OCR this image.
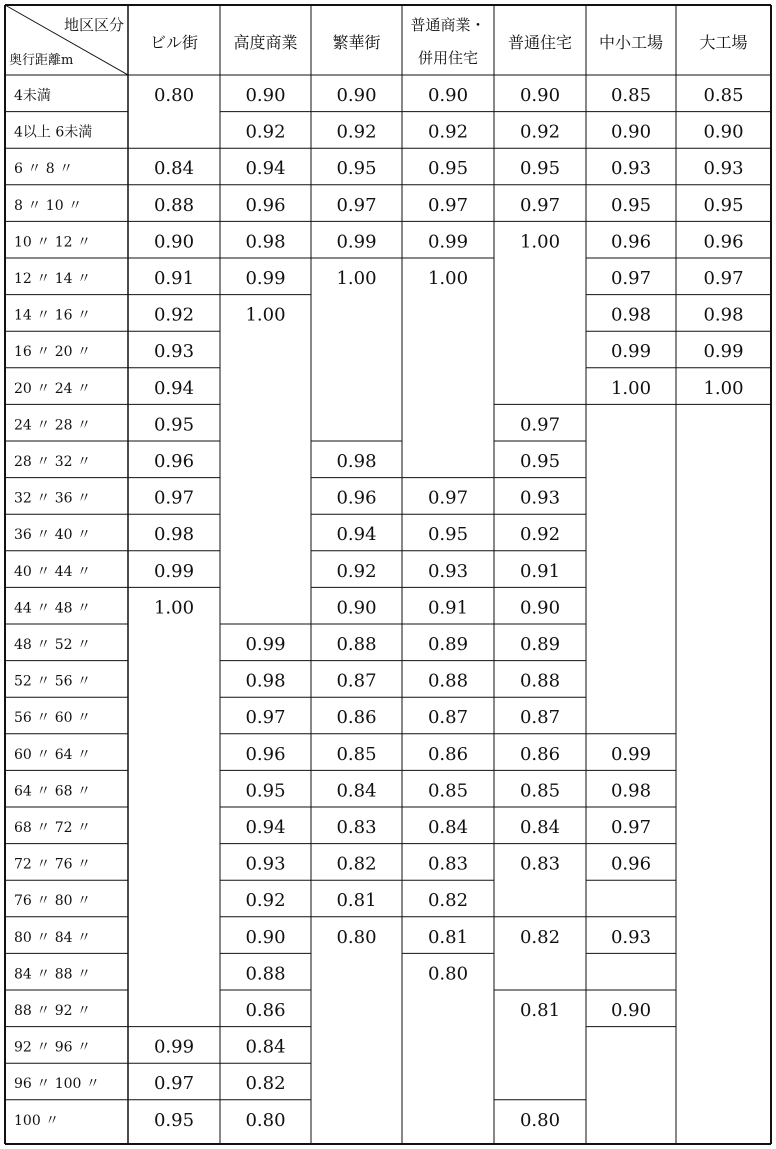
地区区分
奥行距離m
ビル街 高度商業 繁華街
普通商業・
併用住宅
普通住宅 中小工場 大工場
4未満
4以上 6未満
6 〃 8 〃
8 〃 10 〃
10 〃 12 〃
12 〃 14 〃
14 〃 16 〃
16 〃 20 〃
20 〃 24 〃
24 〃 28 〃
28 〃 32 〃
32 〃 36 〃
36 〃 40 〃
40 〃 44 〃
44 〃 48 〃
48 〃 52 〃
52 〃 56 〃
56 〃 60 〃
60 〃 64 〃
64 〃 68 〃
68 〃 72 〃
72 〃 76 〃
76 〃 80 〃
80 〃 84 〃
84 〃 88 〃
88 〃 92 〃
92 〃 96 〃
96 〃 100 〃
100 〃
0.80
0.84
0.88
0.90
0.91
0.92
0.93
0.94
0.95
0.96
0.97
0.98
0.99
1.00
0.99
0.97
0.95
0.90
0.92
0.94
0.96
0.98
0.99
1.00
0.99
0.98
0.97
0.96
0.95
0.94
0.93
0.92
0.90
0.88
0.86
0.84
0.82
0.80
0.90
0.92
0.95
0.97
0.99
1.00
0.98
0.96
0.94
0.92
0.90
0.88
0.87
0.86
0.85
0.84
0.83
0.82
0.81
0.80
0.90
0.92
0.95
0.97
0.99
1.00
0.97
0.95
0.93
0.91
0.89
0.88
0.87
0.86
0.85
0.84
0.83
0.82
0.81
0.80
0.90
0.92
0.95
0.97
1.00
0.97
0.95
0.93
0.92
0.91
0.90
0.89
0.88
0.87
0.86
0.85
0.84
0.83
0.82
0.81
0.80
0.85
0.90
0.93
0.95
0.96
0.97
0.98
0.99
1.00
0.99
0.98
0.97
0.96
0.93
0.90
0.85
0.90
0.93
0.95
0.96
0.97
0.98
0.99
1.00
